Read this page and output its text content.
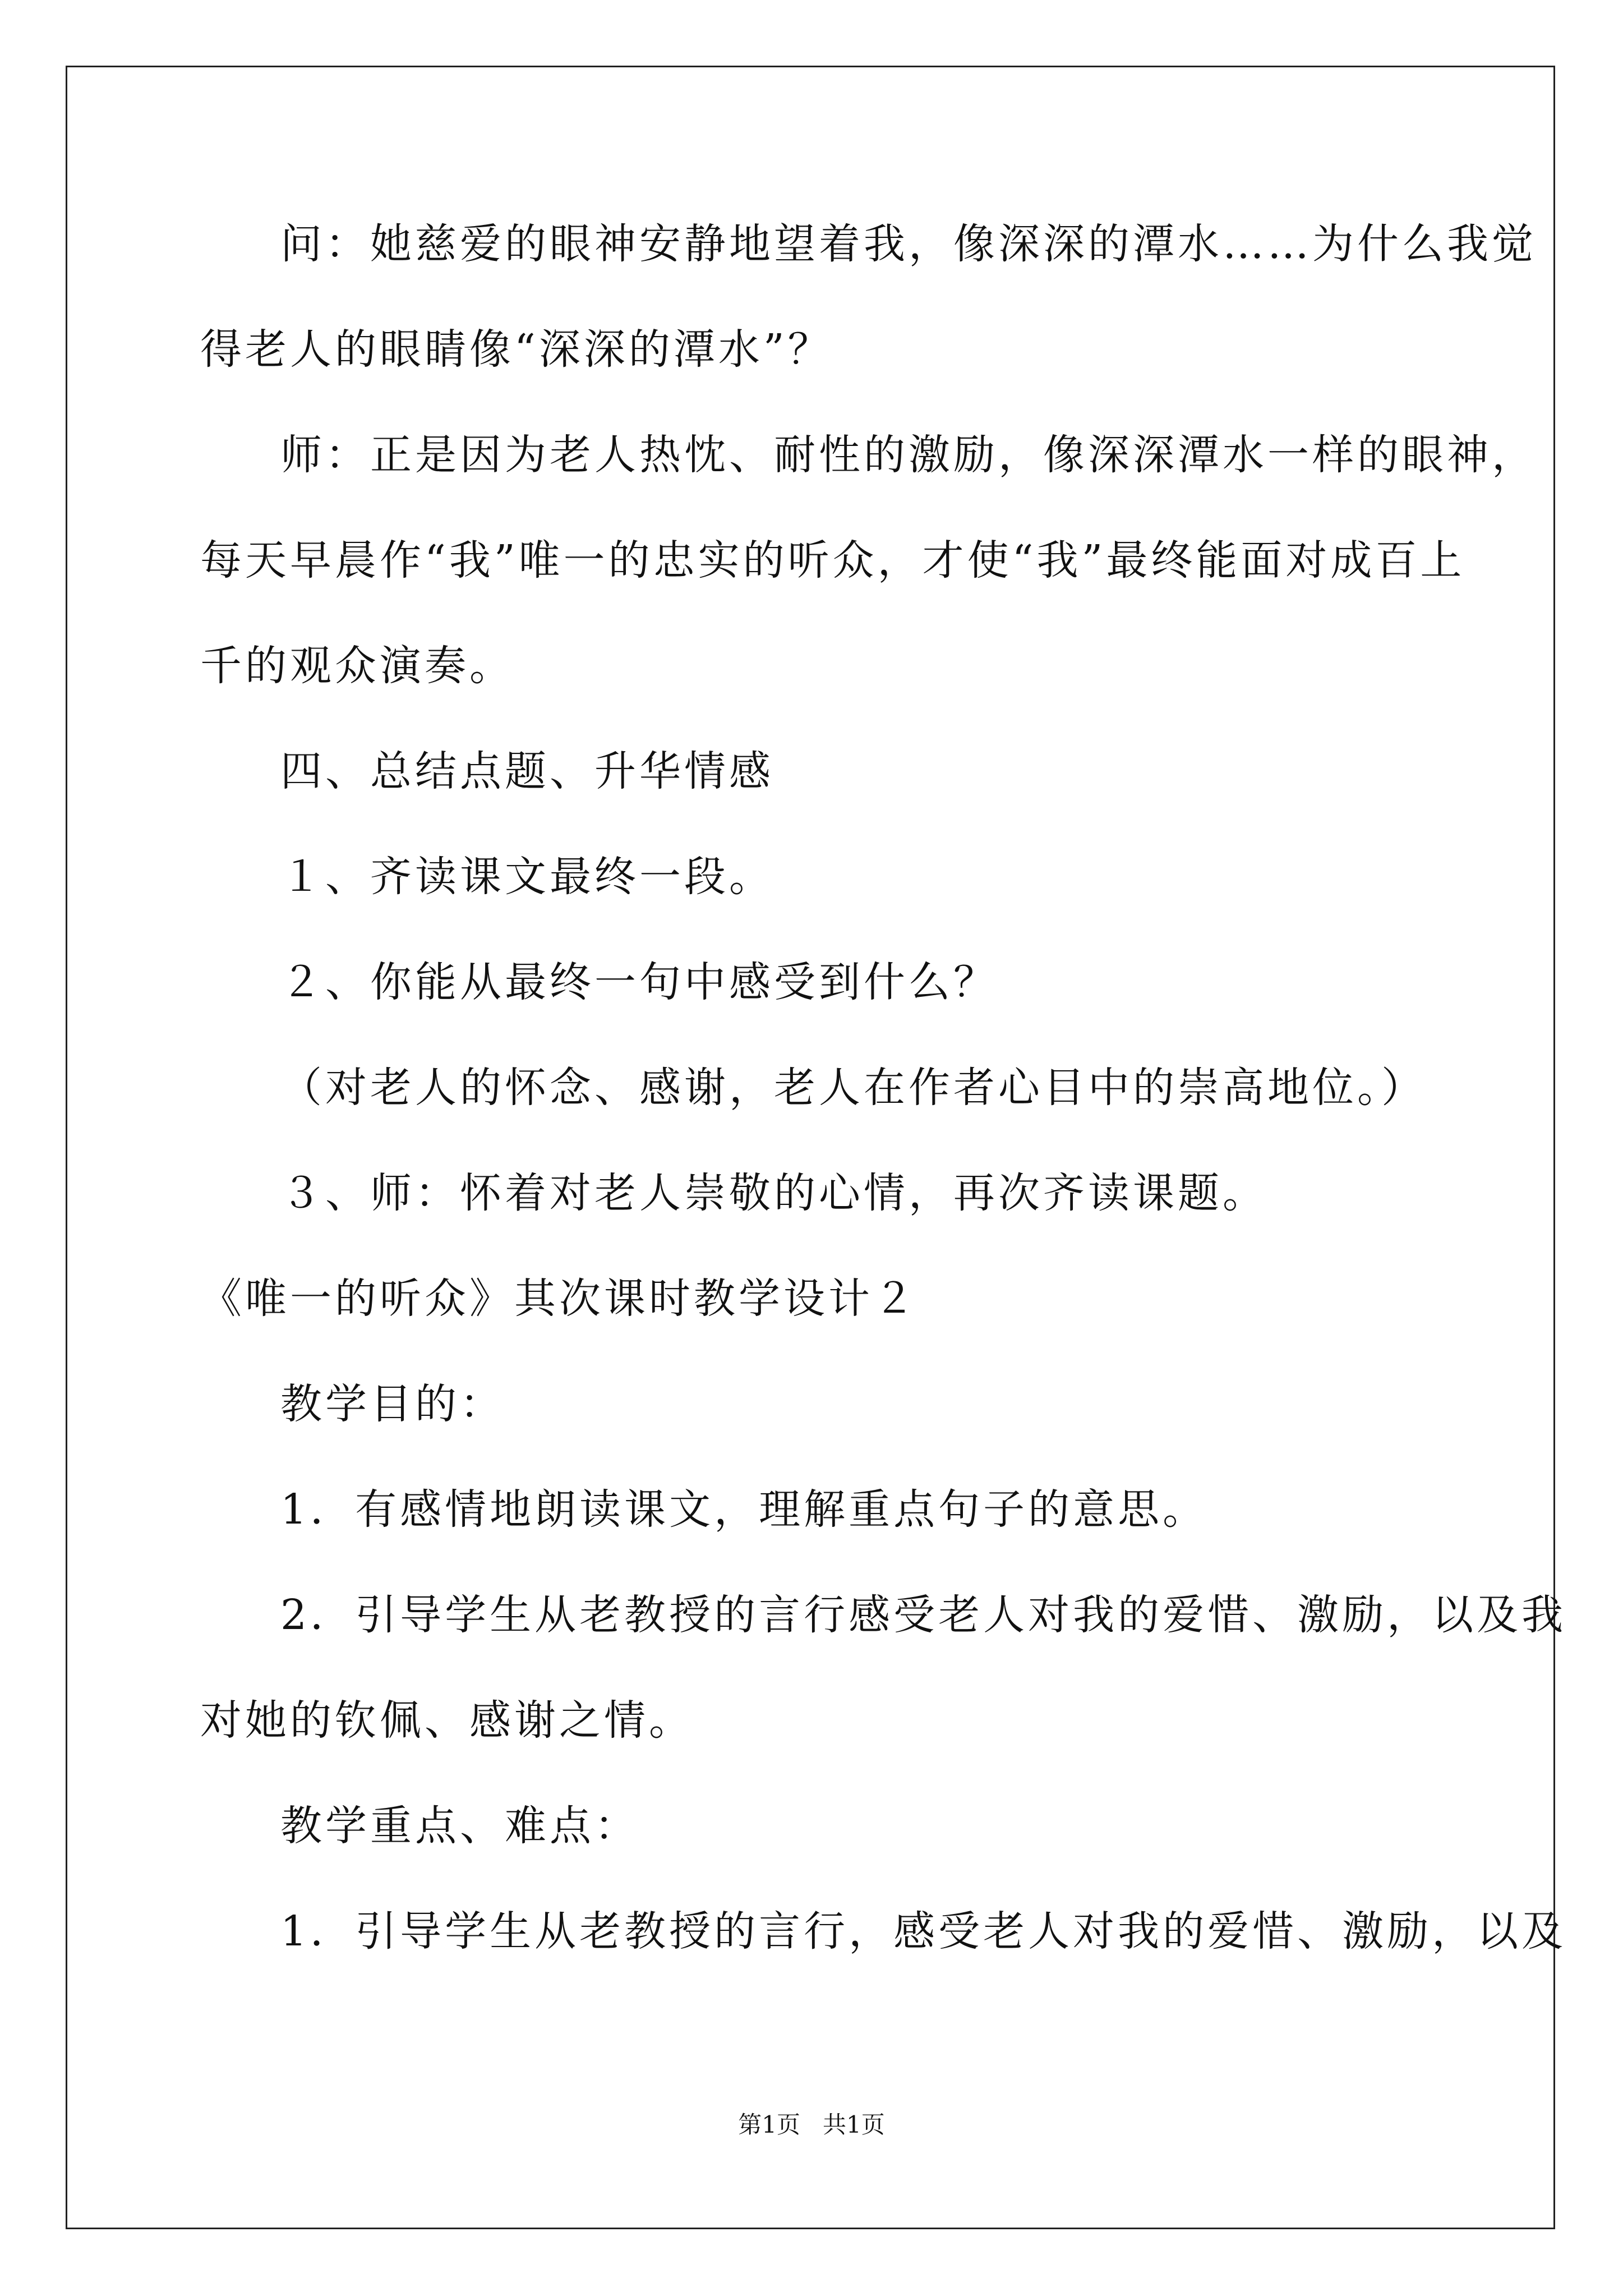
问：她慈爱的眼神安静地望着我，像深深的潭水……为什么我觉
得老人的眼睛像“深深的潭水”？
师：正是因为老人热忱、耐性的激励，像深深潭水一样的眼神，
每天早晨作“我”唯一的忠实的听众，才使“我”最终能面对成百上
千的观众演奏。
四、总结点题、升华情感
１、齐读课文最终一段。
２、你能从最终一句中感受到什么？
（对老人的怀念、感谢，老人在作者心目中的崇高地位。）
３、师：怀着对老人崇敬的心情，再次齐读课题。
《唯一的听众》其次课时教学设计２
教学目的：
1．有感情地朗读课文，理解重点句子的意思。
2．引导学生从老教授的言行感受老人对我的爱惜、激励，以及我
对她的钦佩、感谢之情。
教学重点、难点：
1．引导学生从老教授的言行，感受老人对我的爱惜、激励，以及
第1页   共1页
